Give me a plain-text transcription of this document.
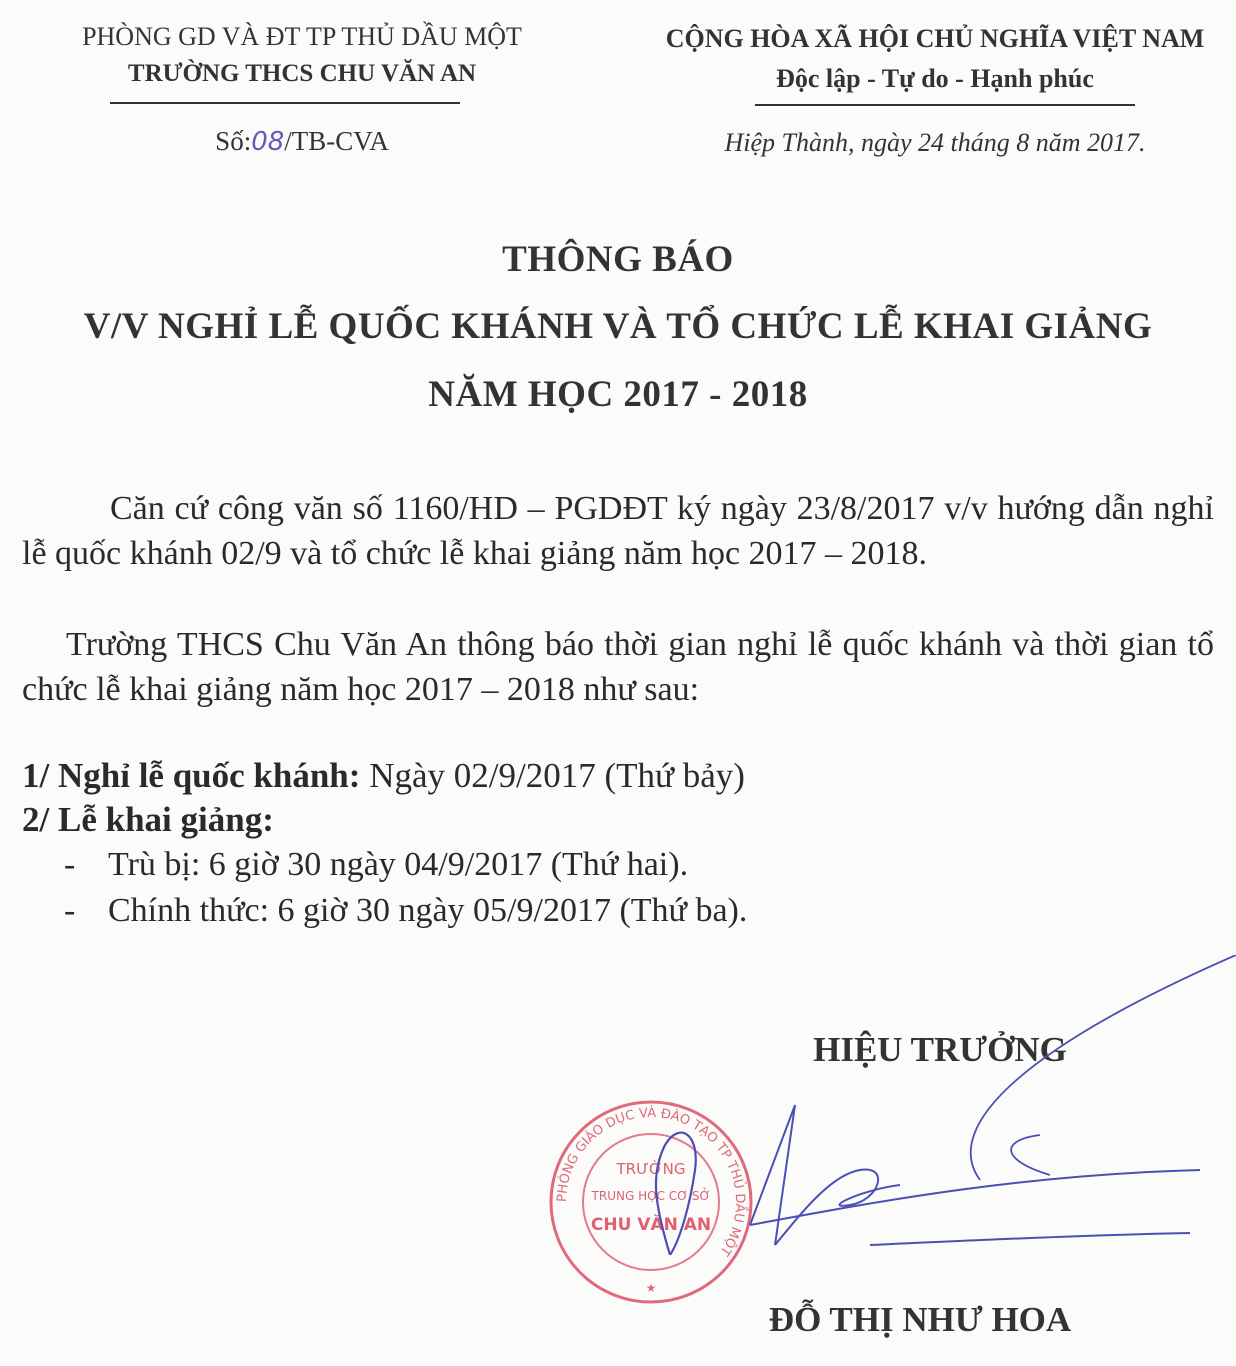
PHÒNG GD VÀ ĐT TP THỦ DẦU MỘT
TRƯỜNG THCS CHU VĂN AN
CỘNG HÒA XÃ HỘI CHỦ NGHĨA VIỆT NAM
Độc lập - Tự do - Hạnh phúc
Số:08/TB-CVA	Hiệp Thành, ngày 24 tháng 8 năm 2017.
THÔNG BÁO
V/V NGHỈ LỄ QUỐC KHÁNH VÀ TỔ CHỨC LỄ KHAI GIẢNG
NĂM HỌC 2017 - 2018
Căn cứ công văn số 1160/HD – PGDĐT ký ngày 23/8/2017 v/v hướng dẫn nghỉ lễ quốc khánh 02/9 và tổ chức lễ khai giảng năm học 2017 – 2018.
Trường THCS Chu Văn An thông báo thời gian nghỉ lễ quốc khánh và thời gian tổ chức lễ khai giảng năm học 2017 – 2018 như sau:
1/ Nghỉ lễ quốc khánh: Ngày 02/9/2017 (Thứ bảy)
2/ Lễ khai giảng:
- Trù bị: 6 giờ 30 ngày 04/9/2017 (Thứ hai).
- Chính thức: 6 giờ 30 ngày 05/9/2017 (Thứ ba).
HIỆU TRƯỞNG
PHÒNG GIÁO DỤC VÀ ĐÀO TẠO TP THỦ DẦU MỘT
TRƯỜNG
TRUNG HỌC CƠ SỞ
CHU VĂN AN
★
ĐỖ THỊ NHƯ HOA
